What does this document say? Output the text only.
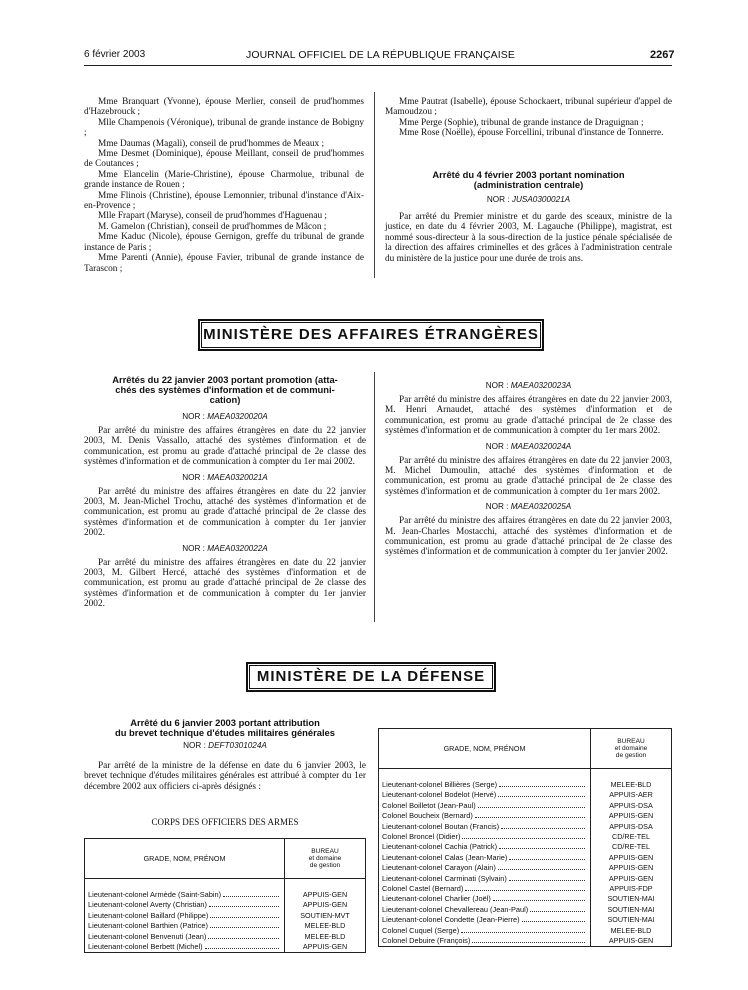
6 février 2003	JOURNAL OFFICIEL DE LA RÉPUBLIQUE FRANÇAISE	2267

Mme Branquart (Yvonne), épouse Merlier, conseil de prud'hommes d'Hazebrouck ;

Mlle Champenois (Véronique), tribunal de grande instance de Bobigny ;

Mme Daumas (Magali), conseil de prud'hommes de Meaux ;

Mme Desmet (Dominique), épouse Meillant, conseil de prud'hommes de Coutances ;

Mme Elancelin (Marie-Christine), épouse Charmolue, tribunal de grande instance de Rouen ;

Mme Flinois (Christine), épouse Lemonnier, tribunal d'instance d'Aix-en-Provence ;

Mlle Frapart (Maryse), conseil de prud'hommes d'Haguenau ;

M. Gamelon (Christian), conseil de prud'hommes de Mâcon ;

Mme Kaduc (Nicole), épouse Gernigon, greffe du tribunal de grande instance de Paris ;

Mme Parenti (Annie), épouse Favier, tribunal de grande instance de Tarascon ;

Mme Pautrat (Isabelle), épouse Schockaert, tribunal supérieur d'appel de Mamoudzou ;

Mme Perge (Sophie), tribunal de grande instance de Draguignan ;

Mme Rose (Noëlle), épouse Forcellini, tribunal d'instance de Tonnerre.

Arrêté du 4 février 2003 portant nomination
(administration centrale)
NOR : JUSA0300021A

Par arrêté du Premier ministre et du garde des sceaux, ministre de la justice, en date du 4 février 2003, M. Lagauche (Philippe), magistrat, est nommé sous-directeur à la sous-direction de la justice pénale spécialisée de la direction des affaires criminelles et des grâces à l'administration centrale du ministère de la justice pour une durée de trois ans.

MINISTÈRE DES AFFAIRES ÉTRANGÈRES
Arrêtés du 22 janvier 2003 portant promotion (atta-
chés des systèmes d'information et de communi-
cation)
NOR : MAEA0320020A

Par arrêté du ministre des affaires étrangères en date du 22 janvier 2003, M. Denis Vassallo, attaché des systèmes d'information et de communication, est promu au grade d'attaché principal de 2e classe des systèmes d'information et de communication à compter du 1er mai 2002.

NOR : MAEA0320021A

Par arrêté du ministre des affaires étrangères en date du 22 janvier 2003, M. Jean-Michel Trochu, attaché des systèmes d'information et de communication, est promu au grade d'attaché principal de 2e classe des systèmes d'information et de communication à compter du 1er janvier 2002.

NOR : MAEA0320022A

Par arrêté du ministre des affaires étrangères en date du 22 janvier 2003, M. Gilbert Hercé, attaché des systèmes d'information et de communication, est promu au grade d'attaché principal de 2e classe des systèmes d'information et de communication à compter du 1er janvier 2002.

NOR : MAEA0320023A

Par arrêté du ministre des affaires étrangères en date du 22 janvier 2003, M. Henri Arnaudet, attaché des systèmes d'information et de communication, est promu au grade d'attaché principal de 2e classe des systèmes d'information et de communication à compter du 1er mars 2002.

NOR : MAEA0320024A

Par arrêté du ministre des affaires étrangères en date du 22 janvier 2003, M. Michel Dumoulin, attaché des systèmes d'information et de communication, est promu au grade d'attaché principal de 2e classe des systèmes d'information et de communication à compter du 1er mars 2002.

NOR : MAEA0320025A

Par arrêté du ministre des affaires étrangères en date du 22 janvier 2003, M. Jean-Charles Mostacchi, attaché des systèmes d'information et de communication, est promu au grade d'attaché principal de 2e classe des systèmes d'information et de communication à compter du 1er janvier 2002.

MINISTÈRE DE LA DÉFENSE
Arrêté du 6 janvier 2003 portant attribution
du brevet technique d'études militaires générales
NOR : DEFT0301024A

Par arrêté de la ministre de la défense en date du 6 janvier 2003, le brevet technique d'études militaires générales est attribué à compter du 1er décembre 2002 aux officiers ci-après désignés :

CORPS DES OFFICIERS DES ARMES
GRADE, NOM, PRÉNOM	BUREAU
et domaine
de gestion

Lieutenant-colonel Armède (Saint-Sabin)	APPUIS-GEN
Lieutenant-colonel Averty (Christian)	APPUIS-GEN
Lieutenant-colonel Baillard (Philippe)	SOUTIEN-MVT
Lieutenant-colonel Barthien (Patrice)	MELEE-BLD
Lieutenant-colonel Benvenuti (Jean)	MELEE-BLD
Lieutenant-colonel Berbett (Michel)	APPUIS-GEN
GRADE, NOM, PRÉNOM	BUREAU
et domaine
de gestion

Lieutenant-colonel Billières (Serge)	MELEE-BLD
Lieutenant-colonel Bodelot (Hervé)	APPUIS-AER
Colonel Boilletot (Jean-Paul)	APPUIS-DSA
Colonel Boucheix (Bernard)	APPUIS-GEN
Lieutenant-colonel Boutan (Francis)	APPUIS-DSA
Colonel Broncel (Didier)	CD/RE-TEL
Lieutenant-colonel Cachia (Patrick)	CD/RE-TEL
Lieutenant-colonel Calas (Jean-Marie)	APPUIS-GEN
Lieutenant-colonel Carayon (Alain)	APPUIS-GEN
Lieutenant-colonel Carminati (Sylvain)	APPUIS-GEN
Colonel Castel (Bernard)	APPUIS-FDP
Lieutenant-colonel Charlier (Joël)	SOUTIEN-MAI
Lieutenant-colonel Chevallereau (Jean-Paul)	SOUTIEN-MAI
Lieutenant-colonel Condette (Jean-Pierre)	SOUTIEN-MAI
Colonel Cuquel (Serge)	MELEE-BLD
Colonel Debuire (François)	APPUIS-GEN
